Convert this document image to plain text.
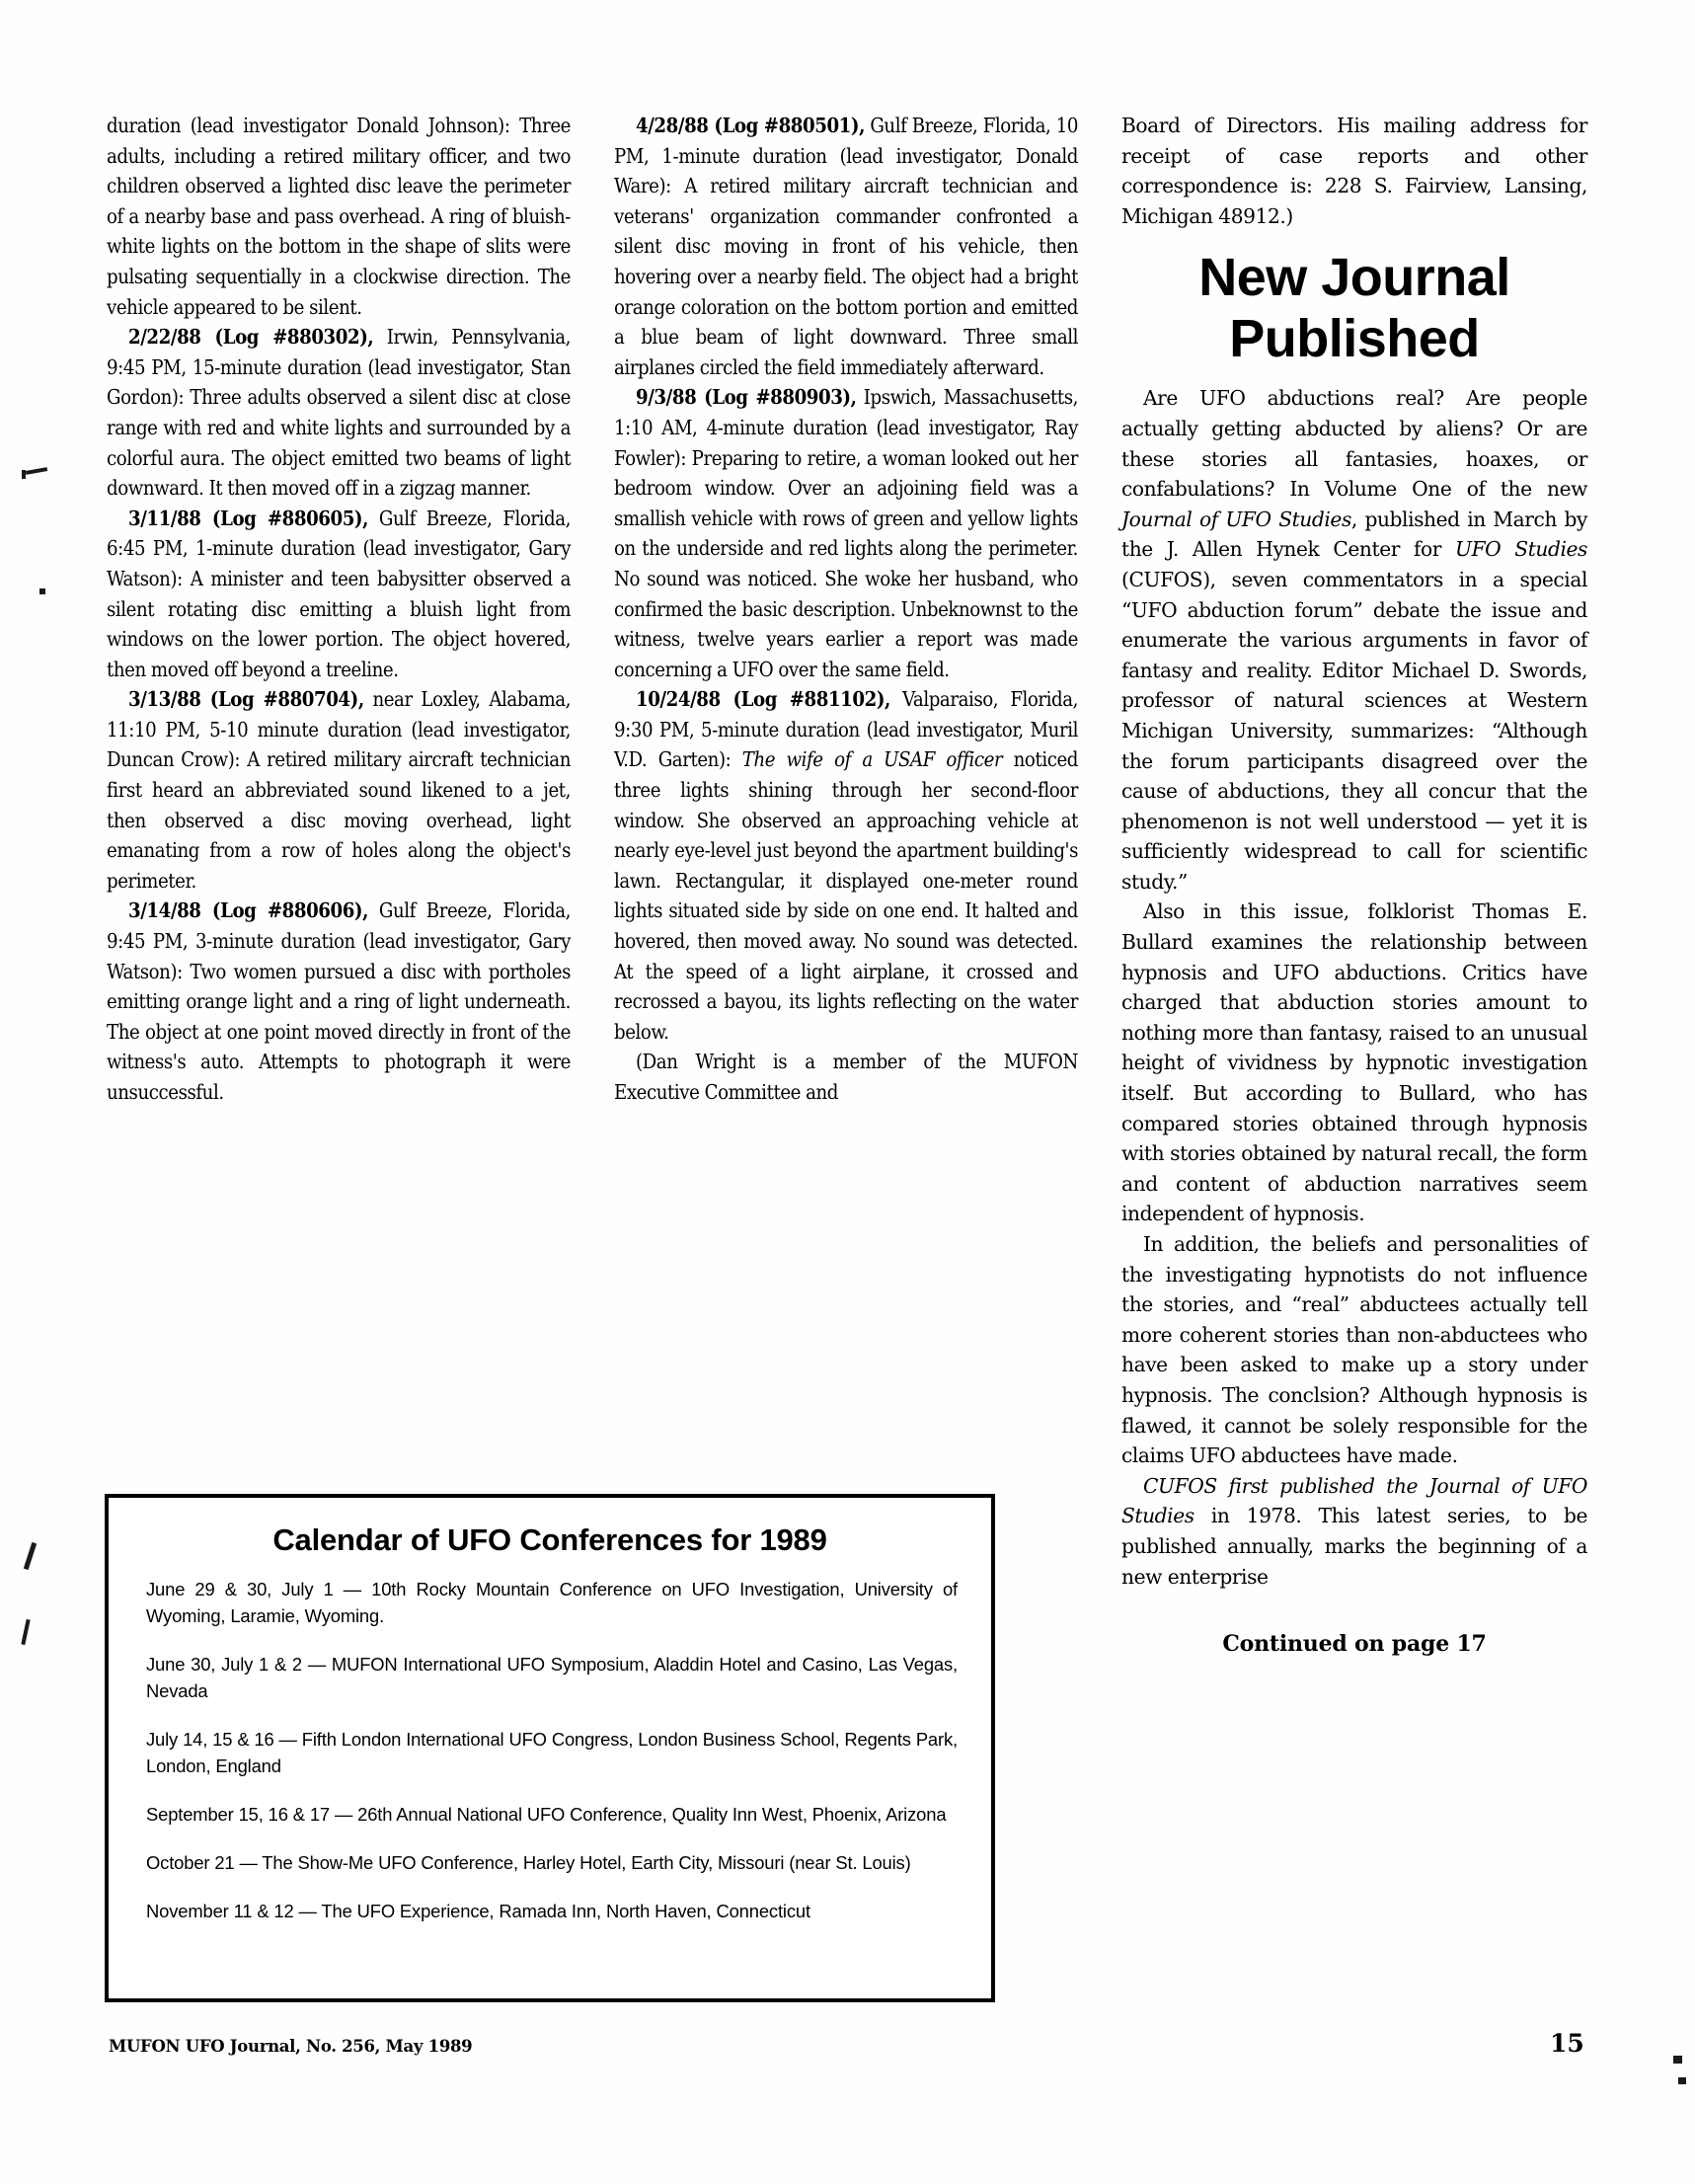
duration (lead investigator Donald Johnson): Three adults, including a retired military officer, and two children observed a lighted disc leave the perimeter of a nearby base and pass overhead. A ring of bluish-white lights on the bottom in the shape of slits were pulsating sequentially in a clockwise direction. The vehicle appeared to be silent.

2/22/88 (Log #880302), Irwin, Pennsylvania, 9:45 PM, 15-minute duration (lead investigator, Stan Gordon): Three adults observed a silent disc at close range with red and white lights and surrounded by a colorful aura. The object emitted two beams of light downward. It then moved off in a zigzag manner.

3/11/88 (Log #880605), Gulf Breeze, Florida, 6:45 PM, 1-minute duration (lead investigator, Gary Watson): A minister and teen babysitter observed a silent rotating disc emitting a bluish light from windows on the lower portion. The object hovered, then moved off beyond a treeline.

3/13/88 (Log #880704), near Loxley, Alabama, 11:10 PM, 5-10 minute duration (lead investigator, Duncan Crow): A retired military aircraft technician first heard an abbreviated sound likened to a jet, then observed a disc moving overhead, light emanating from a row of holes along the object's perimeter.

3/14/88 (Log #880606), Gulf Breeze, Florida, 9:45 PM, 3-minute duration (lead investigator, Gary Watson): Two women pursued a disc with portholes emitting orange light and a ring of light underneath. The object at one point moved directly in front of the witness's auto. Attempts to photograph it were unsuccessful.

4/28/88 (Log #880501), Gulf Breeze, Florida, 10 PM, 1-minute duration (lead investigator, Donald Ware): A retired military aircraft technician and veterans' organization commander confronted a silent disc moving in front of his vehicle, then hovering over a nearby field. The object had a bright orange coloration on the bottom portion and emitted a blue beam of light downward. Three small airplanes circled the field immediately afterward.

9/3/88 (Log #880903), Ipswich, Massachusetts, 1:10 AM, 4-minute duration (lead investigator, Ray Fowler): Preparing to retire, a woman looked out her bedroom window. Over an adjoining field was a smallish vehicle with rows of green and yellow lights on the underside and red lights along the perimeter. No sound was noticed. She woke her husband, who confirmed the basic description. Unbeknownst to the witness, twelve years earlier a report was made concerning a UFO over the same field.

10/24/88 (Log #881102), Valparaiso, Florida, 9:30 PM, 5-minute duration (lead investigator, Muril V.D. Garten): The wife of a USAF officer noticed three lights shining through her second-floor window. She observed an approaching vehicle at nearly eye-level just beyond the apartment building's lawn. Rectangular, it displayed one-meter round lights situated side by side on one end. It halted and hovered, then moved away. No sound was detected. At the speed of a light airplane, it crossed and recrossed a bayou, its lights reflecting on the water below.

(Dan Wright is a member of the MUFON Executive Committee and

Board of Directors. His mailing address for receipt of case reports and other correspondence is: 228 S. Fairview, Lansing, Michigan 48912.)

New Journal
Published

Are UFO abductions real? Are people actually getting abducted by aliens? Or are these stories all fantasies, hoaxes, or confabulations? In Volume One of the new Journal of UFO Studies, published in March by the J. Allen Hynek Center for UFO Studies (CUFOS), seven commentators in a special “UFO abduction forum” debate the issue and enumerate the various arguments in favor of fantasy and reality. Editor Michael D. Swords, professor of natural sciences at Western Michigan University, summarizes: “Although the forum participants disagreed over the cause of abductions, they all concur that the phenomenon is not well understood — yet it is sufficiently widespread to call for scientific study.”

Also in this issue, folklorist Thomas E. Bullard examines the relationship between hypnosis and UFO abductions. Critics have charged that abduction stories amount to nothing more than fantasy, raised to an unusual height of vividness by hypnotic investigation itself. But according to Bullard, who has compared stories obtained through hypnosis with stories obtained by natural recall, the form and content of abduction narratives seem independent of hypnosis.

In addition, the beliefs and personalities of the investigating hypnotists do not influence the stories, and “real” abductees actually tell more coherent stories than non-abductees who have been asked to make up a story under hypnosis. The conclsion? Although hypnosis is flawed, it cannot be solely responsible for the claims UFO abductees have made.

CUFOS first published the Journal of UFO Studies in 1978. This latest series, to be published annually, marks the beginning of a new enterprise

Continued on page 17
Calendar of UFO Conferences for 1989
June 29 & 30, July 1 — 10th Rocky Mountain Conference on UFO Investigation, University of Wyoming, Laramie, Wyoming.
June 30, July 1 & 2 — MUFON International UFO Symposium, Aladdin Hotel and Casino, Las Vegas, Nevada
July 14, 15 & 16 — Fifth London International UFO Congress, London Business School, Regents Park, London, England
September 15, 16 & 17 — 26th Annual National UFO Conference, Quality Inn West, Phoenix, Arizona
October 21 — The Show-Me UFO Conference, Harley Hotel, Earth City, Missouri (near St. Louis)
November 11 & 12 — The UFO Experience, Ramada Inn, North Haven, Connecticut
MUFON UFO Journal, No. 256, May 1989	15
